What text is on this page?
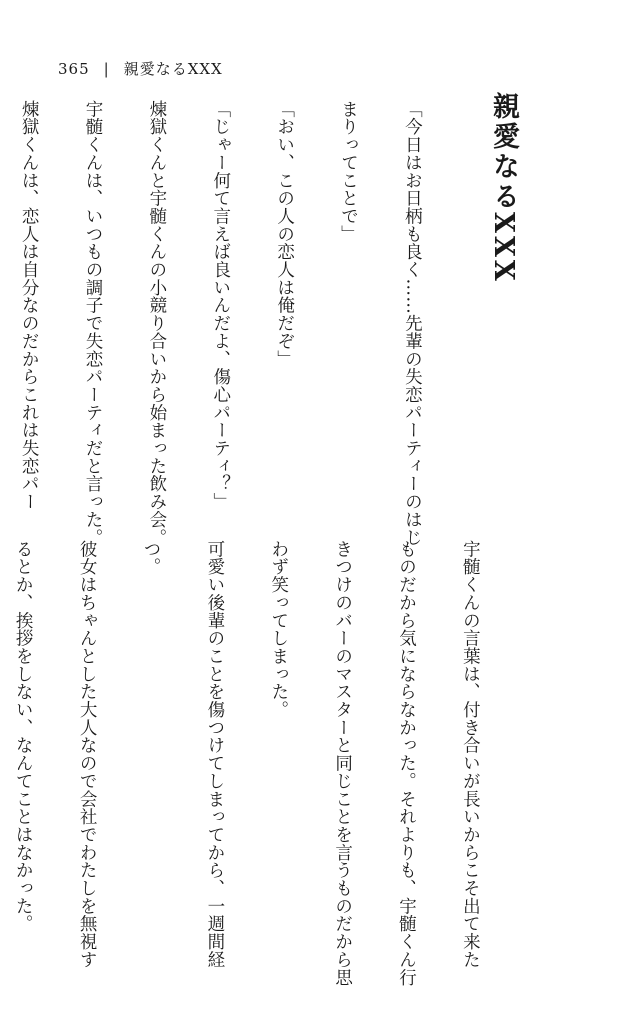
365 | 親愛なるXXX
親愛なるXXX

「今日はお日柄も良く……先輩の失恋パーティーのはじ

まりってことで」

「おい、この人の恋人は俺だぞ」

「じゃー何て言えば良いんだよ、傷心パーティ？」

煉獄くんと宇髄くんの小競り合いから始まった飲み会。

宇髄くんは、いつもの調子で失恋パーティだと言った。

煉獄くんは、恋人は自分なのだからこれは失恋パー

宇髄くんの言葉は、付き合いが長いからこそ出て来た

ものだから気にならなかった。それよりも、宇髄くん行

きつけのバーのマスターと同じことを言うものだから思

わず笑ってしまった。

可愛い後輩のことを傷つけてしまってから、一週間経

つ。

彼女はちゃんとした大人なので会社でわたしを無視す

るとか、挨拶をしない、なんてことはなかった。
